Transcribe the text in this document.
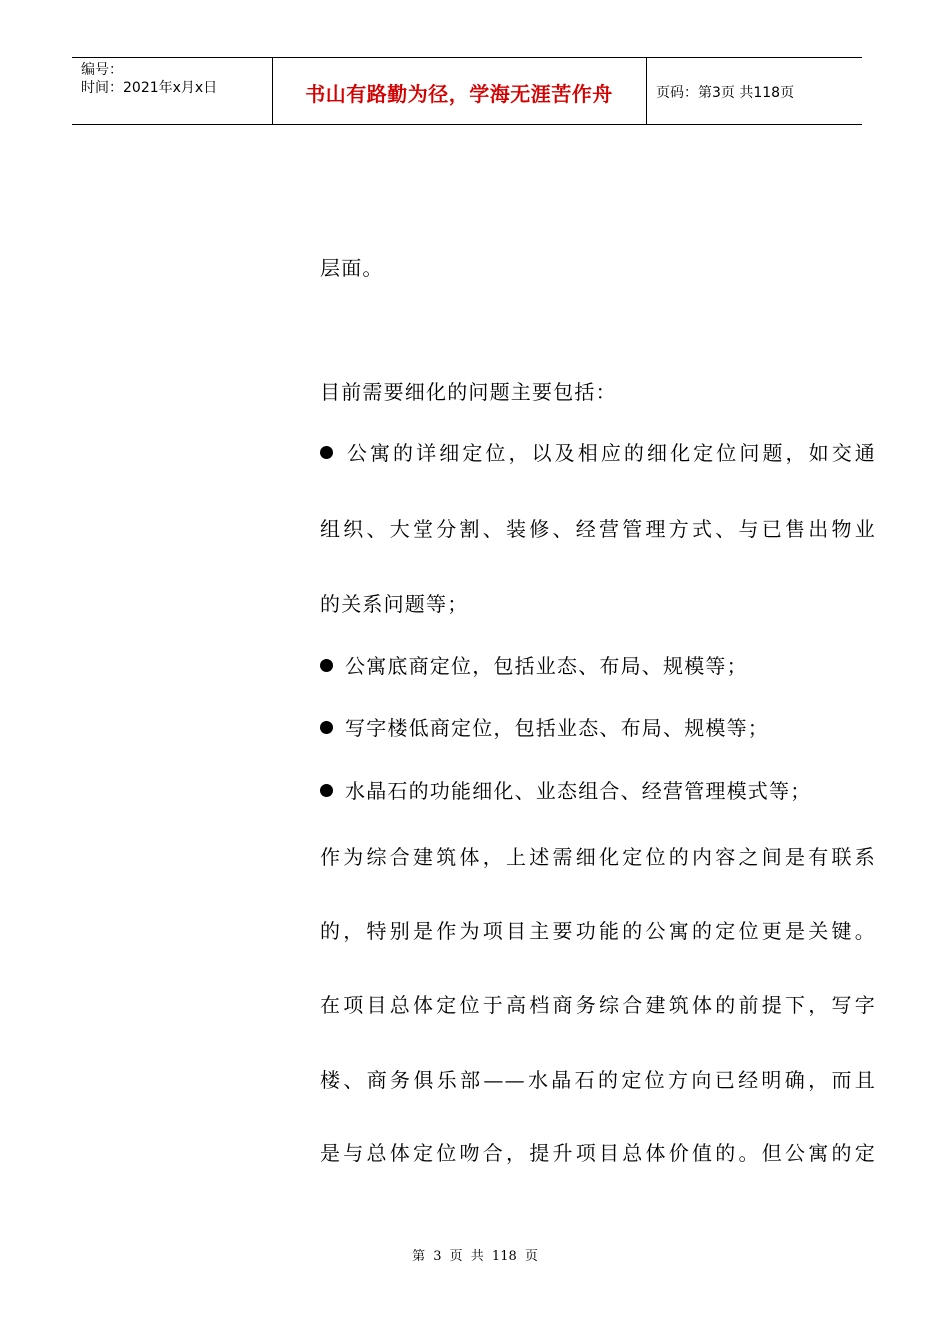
编号：
时间：2021年x月x日	书山有路勤为径，学海无涯苦作舟	页码：第3页 共118页
层面。
目前需要细化的问题主要包括：
公寓的详细定位，以及相应的细化定位问题，如交通
组织、大堂分割、装修、经营管理方式、与已售出物业
的关系问题等；
公寓底商定位，包括业态、布局、规模等；
写字楼低商定位，包括业态、布局、规模等；
水晶石的功能细化、业态组合、经营管理模式等；
作为综合建筑体，上述需细化定位的内容之间是有联系
的，特别是作为项目主要功能的公寓的定位更是关键。
在项目总体定位于高档商务综合建筑体的前提下，写字
楼、商务俱乐部——水晶石的定位方向已经明确，而且
是与总体定位吻合，提升项目总体价值的。但公寓的定
第 3 页 共 118 页
